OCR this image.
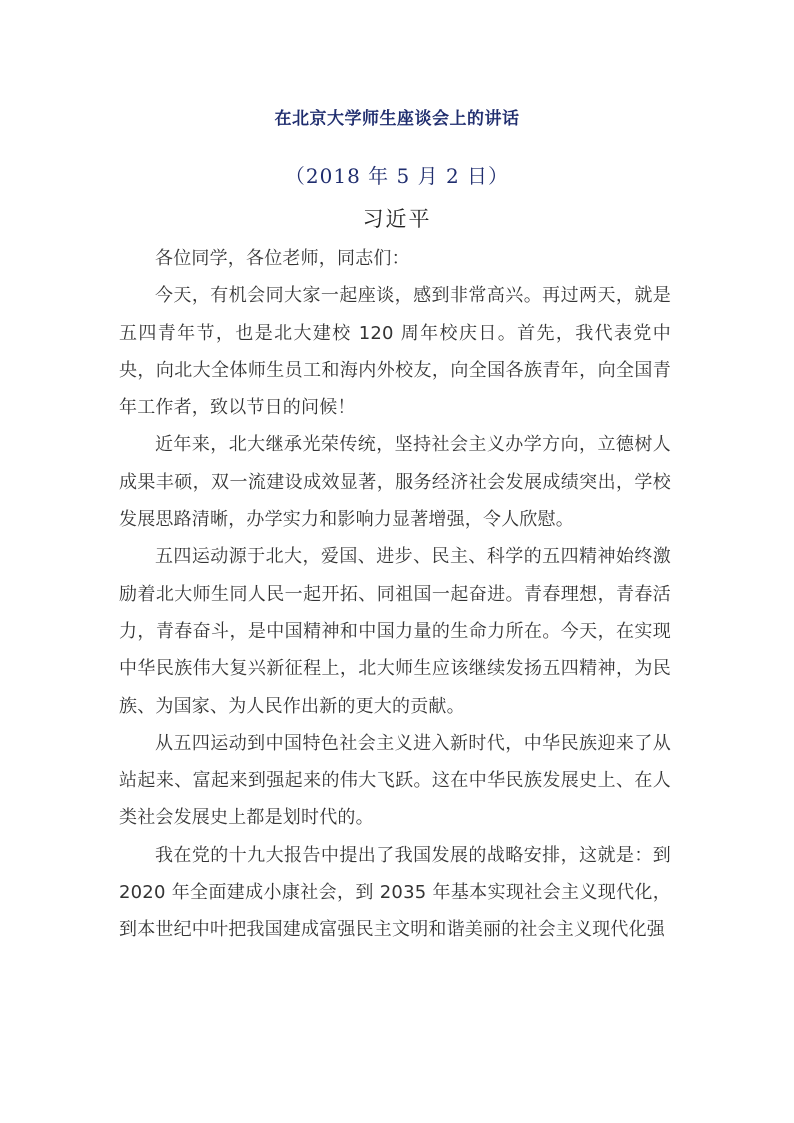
在北京大学师生座谈会上的讲话
（2018 年 5 月 2 日）
习近平

各位同学，各位老师，同志们：

今天，有机会同大家一起座谈，感到非常高兴。再过两天，就是五四青年节，也是北大建校 120 周年校庆日。首先，我代表党中央，向北大全体师生员工和海内外校友，向全国各族青年，向全国青年工作者，致以节日的问候！

近年来，北大继承光荣传统，坚持社会主义办学方向，立德树人成果丰硕，双一流建设成效显著，服务经济社会发展成绩突出，学校发展思路清晰，办学实力和影响力显著增强，令人欣慰。

五四运动源于北大，爱国、进步、民主、科学的五四精神始终激励着北大师生同人民一起开拓、同祖国一起奋进。青春理想，青春活力，青春奋斗，是中国精神和中国力量的生命力所在。今天，在实现中华民族伟大复兴新征程上，北大师生应该继续发扬五四精神，为民族、为国家、为人民作出新的更大的贡献。

从五四运动到中国特色社会主义进入新时代，中华民族迎来了从站起来、富起来到强起来的伟大飞跃。这在中华民族发展史上、在人类社会发展史上都是划时代的。

我在党的十九大报告中提出了我国发展的战略安排，这就是：到 2020 年全面建成小康社会，到 2035 年基本实现社会主义现代化，到本世纪中叶把我国建成富强民主文明和谐美丽的社会主义现代化强
